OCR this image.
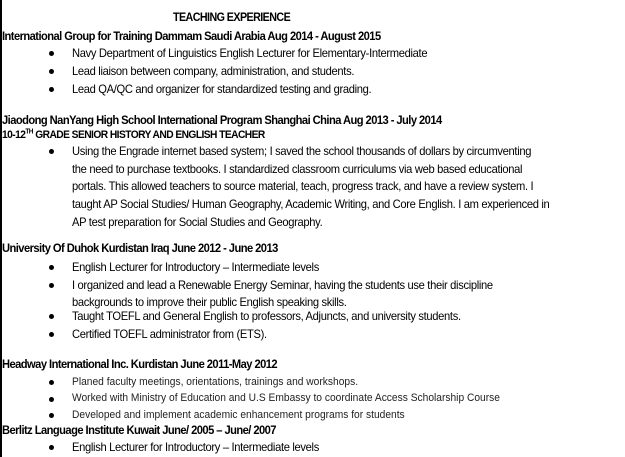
TEACHING EXPERIENCE
International Group for Training Dammam Saudi Arabia Aug 2014 - August 2015
Navy Department of Linguistics English Lecturer for Elementary-Intermediate
Lead liaison between company, administration, and students.
Lead QA/QC and organizer for standardized testing and grading.
Jiaodong NanYang High School International Program Shanghai China Aug 2013 - July 2014
10-12TH GRADE SENIOR HISTORY AND ENGLISH TEACHER
Using the Engrade internet based system; I saved the school thousands of dollars by circumventing
the need to purchase textbooks. I standardized classroom curriculums via web based educational
portals. This allowed teachers to source material, teach, progress track, and have a review system. I
taught AP Social Studies/ Human Geography, Academic Writing, and Core English. I am experienced in
AP test preparation for Social Studies and Geography.
University Of Duhok Kurdistan Iraq June 2012 - June 2013
English Lecturer for Introductory – Intermediate levels
I organized and lead a Renewable Energy Seminar, having the students use their discipline
backgrounds to improve their public English speaking skills.
Taught TOEFL and General English to professors, Adjuncts, and university students.
Certified TOEFL administrator from (ETS).
Headway International Inc. Kurdistan June 2011-May 2012
Planed faculty meetings, orientations, trainings and workshops.
Worked with Ministry of Education and U.S Embassy to coordinate Access Scholarship Course
Developed and implement academic enhancement programs for students
Berlitz Language Institute Kuwait June/ 2005 – June/ 2007
English Lecturer for Introductory – Intermediate levels
